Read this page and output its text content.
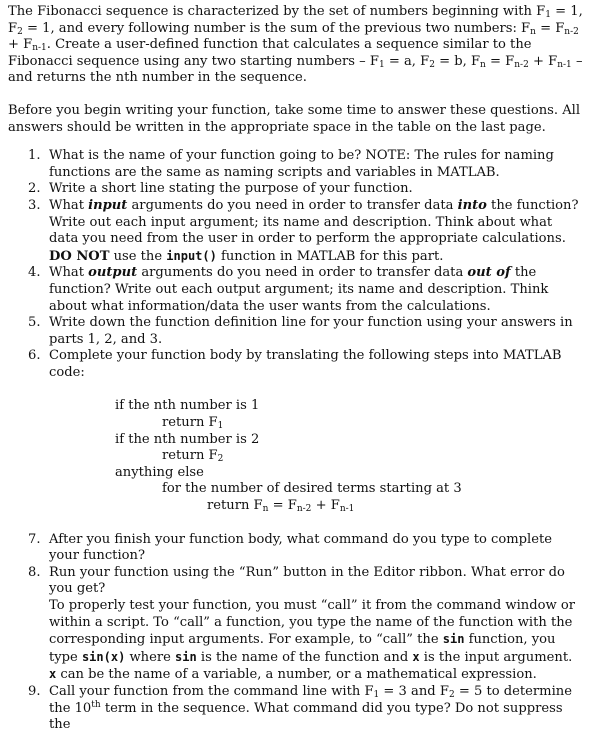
The Fibonacci sequence is characterized by the set of numbers beginning with $F_1 = 1$, $F_2 = 1$, and every following number is the sum of the previous two numbers: $F_n = F_{n-2} + F_{n-1}$. Create a user-defined function that calculates a sequence similar to the Fibonacci sequence using any two starting numbers – $F_1 = a$, $F_2 = b$, $F_n = F_{n-2} + F_{n-1}$ – and returns the nth number in the sequence.

Before you begin writing your function, take some time to answer these questions. All answers should be written in the appropriate space in the table on the last page.

1. What is the name of your function going to be? NOTE: The rules for naming functions are the same as naming scripts and variables in MATLAB.
2. Write a short line stating the purpose of your function.
3. What input arguments do you need in order to transfer data into the function? Write out each input argument; its name and description. Think about what data you need from the user in order to perform the appropriate calculations. DO NOT use the input() function in MATLAB for this part.
4. What output arguments do you need in order to transfer data out of the function? Write out each output argument; its name and description. Think about what information/data the user wants from the calculations.
5. Write down the function definition line for your function using your answers in parts 1, 2, and 3.
6. Complete your function body by translating the following steps into MATLAB code:
if the nth number is 1
return $F_1$
if the nth number is 2
return $F_2$
anything else
for the number of desired terms starting at 3
return $F_n = F_{n-2} + F_{n-1}$
7. After you finish your function body, what command do you type to complete your function?
8. Run your function using the “Run” button in the Editor ribbon. What error do you get?
To properly test your function, you must “call” it from the command window or within a script. To “call” a function, you type the name of the function with the corresponding input arguments. For example, to “call” the sin function, you type sin(x) where sin is the name of the function and x is the input argument. x can be the name of a variable, a number, or a mathematical expression.
9. Call your function from the command line with $F_1 = 3$ and $F_2 = 5$ to determine the 10th term in the sequence. What command did you type? Do not suppress the
